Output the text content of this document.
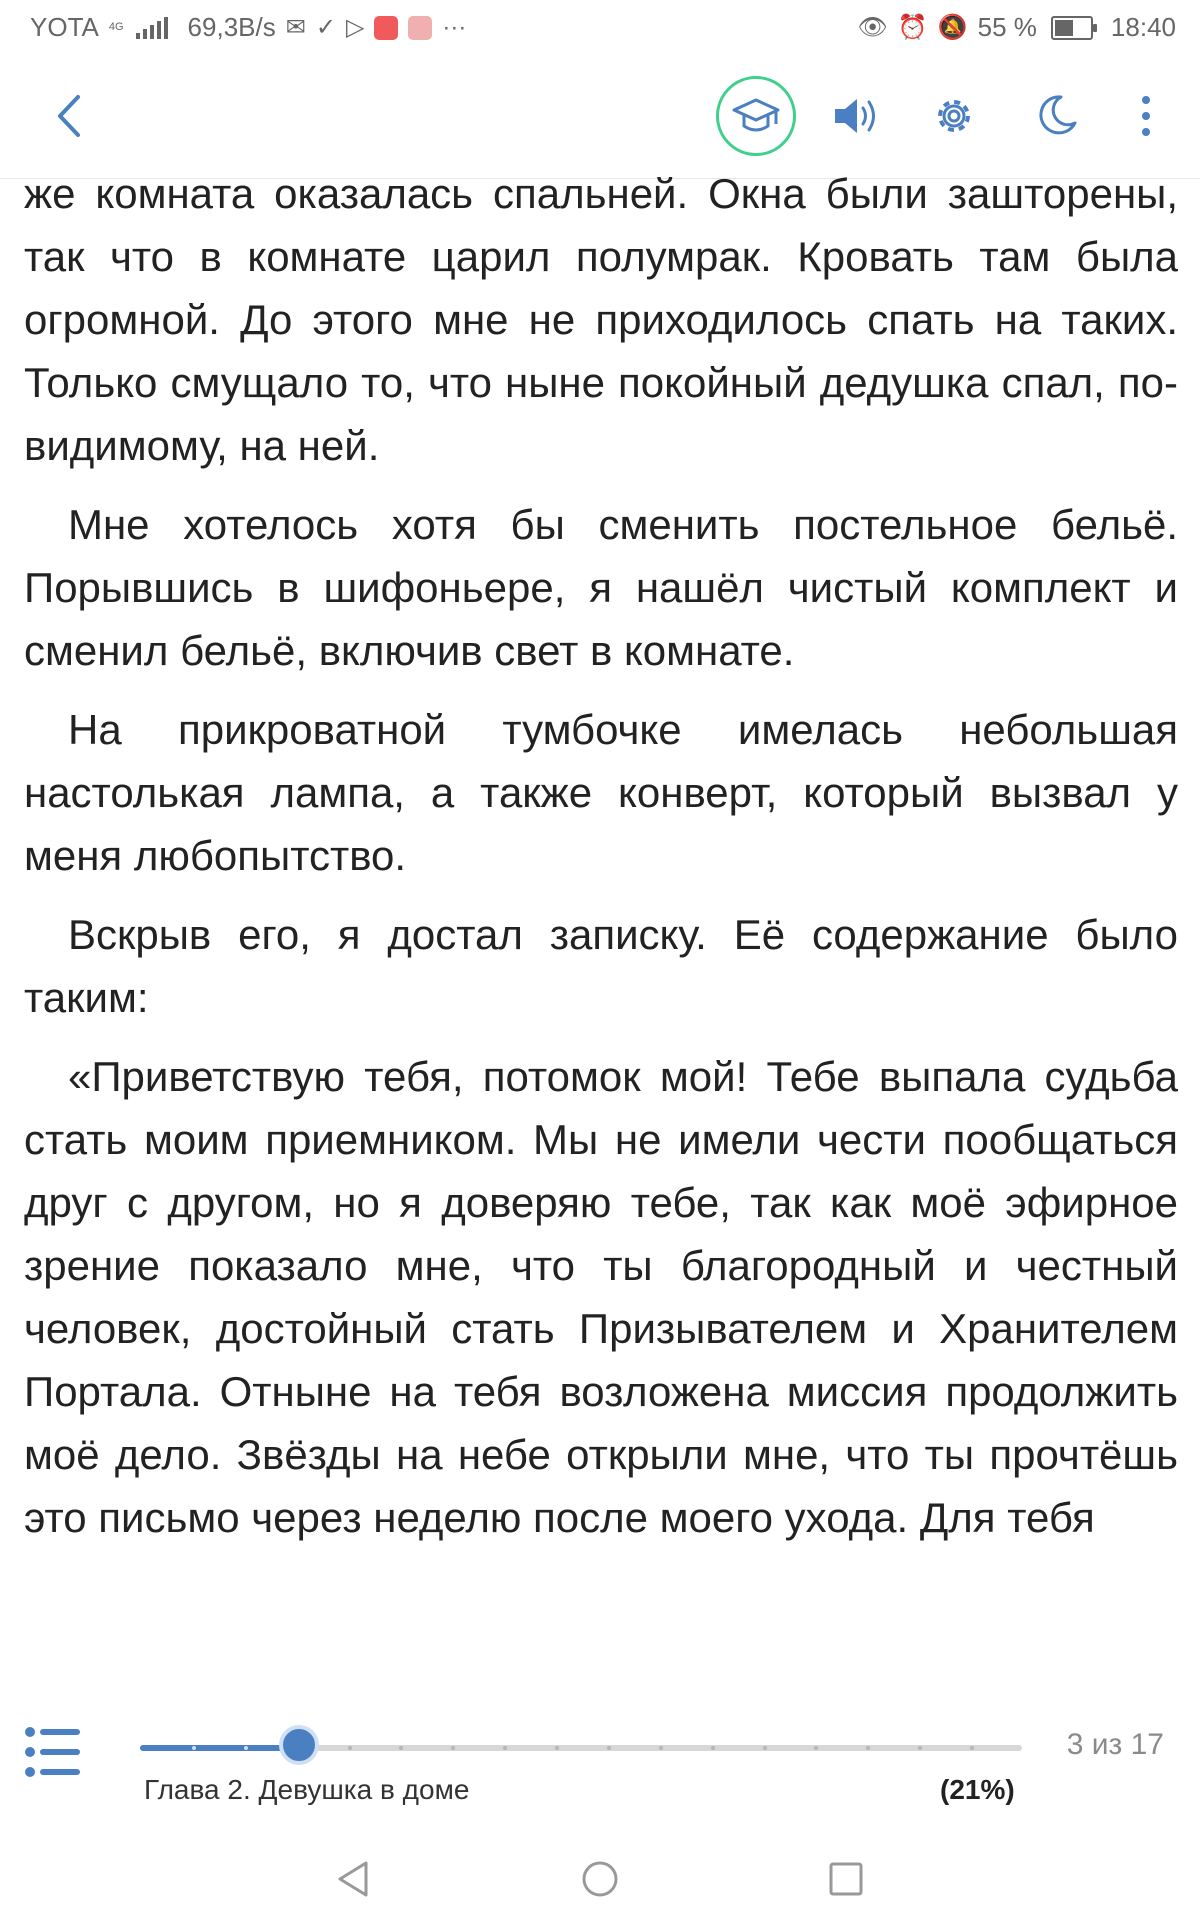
YOTA 4G 69,3B/s ✉ ✓ ▷	···	👁 ⏰ 🔕 55 %	18:40

же комната оказалась спальней. Окна были зашторены, так что в комнате царил полумрак. Кровать там была огромной. До этого мне не приходилось спать на таких. Только смущало то, что ныне покойный дедушка спал, по-видимому, на ней.

Мне хотелось хотя бы сменить постельное бельё. Порывшись в шифоньере, я нашёл чистый комплект и сменил бельё, включив свет в комнате.

На прикроватной тумбочке имелась небольшая настолькая лампа, а также конверт, который вызвал у меня любопытство.

Вскрыв его, я достал записку. Её содержание было таким:

«Приветствую тебя, потомок мой! Тебе выпала судьба стать моим приемником. Мы не имели чести пообщаться друг с другом, но я доверяю тебе, так как моё эфирное зрение показало мне, что ты благородный и честный человек, достойный стать Призывателем и Хранителем Портала. Отныне на тебя возложена миссия продолжить моё дело. Звёзды на небе открыли мне, что ты прочтёшь это письмо через неделю после моего ухода. Для тебя

3 из 17
Глава 2. Девушка в доме	(21%)
